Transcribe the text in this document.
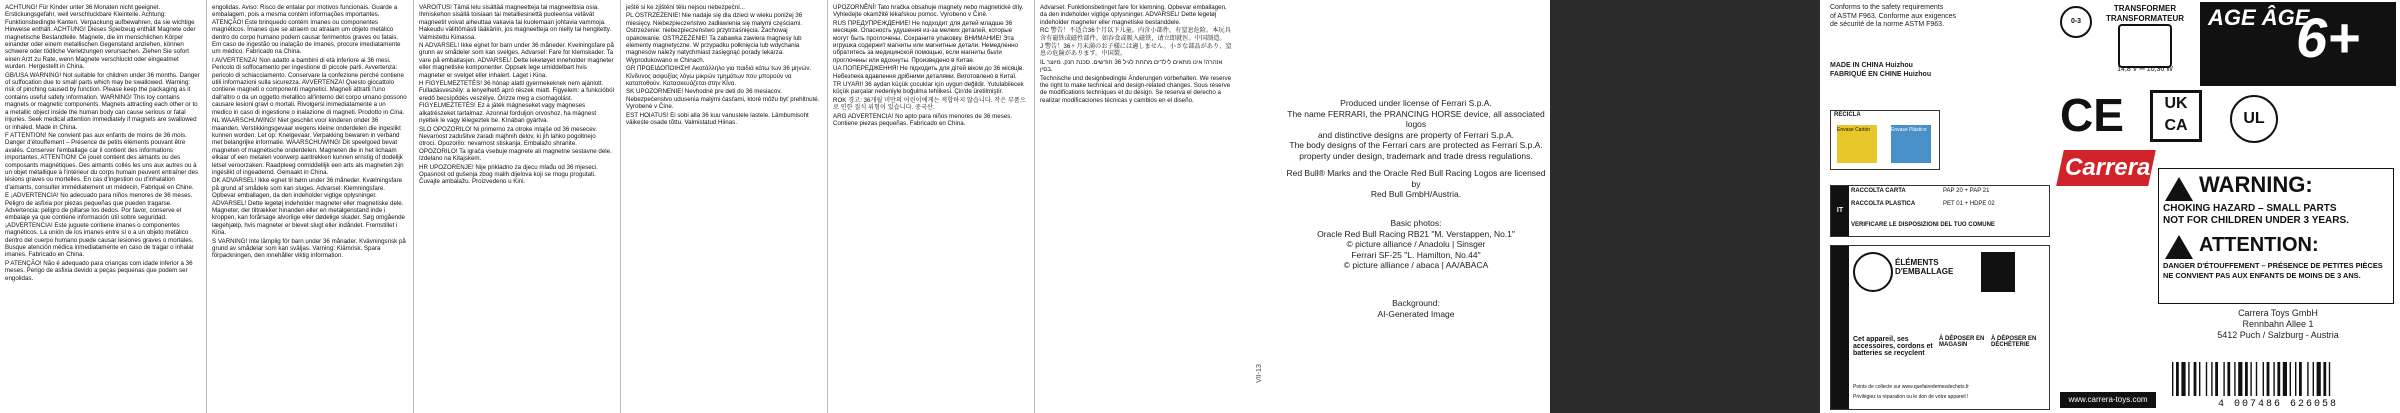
ACHTUNG! Für Kinder unter 36 Monaten nicht geeignet. Erstickungsgefahr, weil verschluckbare Kleinteile. Achtung: Funktionsbedingte Kanten. Verpackung aufbewahren, da sie wichtige Hinweise enthält. ACHTUNG! Dieses Spielzeug enthält Magnete oder magnetische Bestandteile. Magnete, die im menschlichen Körper einander oder einem metallischen Gegenstand anziehen, können schwere oder tödliche Verletzungen verursachen. Ziehen Sie sofort einen Arzt zu Rate, wenn Magnete verschluckt oder eingeatmet wurden. Hergestellt in China.

GB/USA WARNING! Not suitable for children under 36 months. Danger of suffocation due to small parts which may be swallowed. Warning: risk of pinching caused by function. Please keep the packaging as it contains useful safety information. WARNING! This toy contains magnets or magnetic components. Magnets attracting each other or to a metallic object inside the human body can cause serious or fatal injuries. Seek medical attention immediately if magnets are swallowed or inhaled. Made in China.

F ATTENTION! Ne convient pas aux enfants de moins de 36 mois. Danger d'étouffement – Présence de petits éléments pouvant être avalés. Conserver l'emballage car il contient des informations importantes. ATTENTION! Ce jouet contient des aimants ou des composants magnétiques. Des aimants collés les uns aux autres ou à un objet métallique à l'intérieur du corps humain peuvent entraîner des lésions graves ou mortelles. En cas d'ingestion ou d'inhalation d'aimants, consulter immédiatement un médecin. Fabriqué en Chine.

E ¡ADVERTENCIA! No adecuado para niños menores de 36 meses. Peligro de asfixia por piezas pequeñas que pueden tragarse. Advertencia: peligro de pillarse los dedos. Por favor, conserve el embalaje ya que contiene información útil sobre seguridad. ¡ADVERTENCIA! Este juguete contiene imanes o componentes magnéticos. La unión de los imanes entre sí o a un objeto metálico dentro del cuerpo humano puede causar lesiones graves o mortales. Busque atención médica inmediatamente en caso de tragar o inhalar imanes. Fabricado en China.

P ATENÇÃO! Não é adequado para crianças com idade inferior a 36 meses. Perigo de asfixia devido a peças pequenas que podem ser engolidas.

engolidas. Aviso: Risco de entalar por motivos funcionais. Guarde a embalagem, pois a mesma contém informações importantes. ATENÇÃO! Este brinquedo contém ímanes ou componentes magnéticos. Ímanes que se atraem ou atraiam um objeto metálico dentro do corpo humano podem causar ferimentos graves ou fatais. Em caso de ingestão ou inalação de ímanes, procure imediatamente um médico. Fabricado na China.

I AVVERTENZA! Non adatto a bambini di età inferiore ai 36 mesi. Pericolo di soffocamento per ingestione di piccole parti. Avvertenza: pericolo di schiacciamento. Conservare la confezione perché contiene utili informazioni sulla sicurezza. AVVERTENZA! Questo giocattolo contiene magneti o componenti magnetici. Magneti attratti l'uno dall'altro o da un oggetto metallico all'interno del corpo umano possono causare lesioni gravi o mortali. Rivolgersi immediatamente a un medico in caso di ingestione o inalazione di magneti. Prodotto in Cina.

NL WAARSCHUWING! Niet geschikt voor kinderen onder 36 maanden. Verstikkingsgevaar wegens kleine onderdelen die ingeslikt kunnen worden. Let op: Knelgevaar. Verpakking bewaren in verband met belangrijke informatie. WAARSCHUWING! Dit speelgoed bevat magneten of magnetische onderdelen. Magneten die in het lichaam elkaar of een metalen voorwerp aantrekken kunnen ernstig of dodelijk letsel veroorzaken. Raadpleeg onmiddellijk een arts als magneten zijn ingeslikt of ingeademd. Gemaakt in China.

DK ADVARSEL! Ikke egnet til børn under 36 måneder. Kvælningsfare på grund af smådele som kan sluges. Advarsel: Klemningsfare. Opbevar emballagen, da den indeholder vigtige oplysninger. ADVARSEL! Dette legetøj indeholder magneter eller magnetiske dele. Magneter, der tiltrækker hinanden eller en metalgenstand inde i kroppen, kan forårsage alvorlige eller dødelige skader. Søg omgående lægehjælp, hvis magneter er blevet slugt eller indåndet. Fremstillet i Kina.

S VARNING! Inte lämplig för barn under 36 månader. Kvävningsrisk på grund av smådelar som kan sväljas. Varning: Klämrisk. Spara förpackningen, den innehåller viktig information.

VAROITUS! Tämä lelu sisältää magneetteja tai magneettisia osia. Ihmiskehon sisällä toisiaan tai metalliesinettä puoleensa vetävät magneetit voivat aiheuttaa vakavia tai kuolemaan johtavia vammoja. Hakeudu välittömästi lääkäriin, jos magneetteja on nielty tai hengitetty. Valmistettu Kiinassa.

N ADVARSEL! Ikke egnet for barn under 36 måneder. Kvelningsfare på grunn av smådeler som kan svelges. Advarsel: Fare for klemskader. Ta vare på emballasjen. ADVARSEL! Dette leketøyet inneholder magneter eller magnetiske komponenter. Oppsøk lege umiddelbart hvis magneter er svelget eller inhalert. Laget i Kina.

H FIGYELMEZTETÉS! 36 hónap alatti gyermekeknek nem ajánlott. Fulladásveszély: a lenyelhető apró részek miatt. Figyelem: a funkcióból eredő becsípődés veszélye. Őrizze meg a csomagolást. FIGYELMEZTETÉS! Ez a játék mágneseket vagy mágneses alkatrészeket tartalmaz. Azonnal forduljon orvoshoz, ha mágnest nyeltek le vagy lélegeztek be. Kínában gyártva.

SLO OPOZORILO! Ni primerno za otroke mlajše od 36 mesecev. Nevarnost zadušitve zaradi majhnih delov, ki jih lahko pogoltnejo otroci. Opozorilo: nevarnost stiskanja. Embalažo shranite. OPOZORILO! Ta igrača vsebuje magnete ali magnetne sestavne dele. Izdelano na Kitajskem.

HR UPOZORENJE! Nije prikladno za djecu mlađu od 36 mjeseci. Opasnost od gušenja zbog malih dijelova koji se mogu progutati. Čuvajte ambalažu. Proizvedeno u Kini.

ještě si ke zjištění tělu nejsou nebezpeční...

PL OSTRZEŻENIE! Nie nadaje się dla dzieci w wieku poniżej 36 miesięcy. Niebezpieczeństwo zadławienia się małymi częściami. Ostrzeżenie: niebezpieczeństwo przytrzaśnięcia. Zachowaj opakowanie. OSTRZEŻENIE! Ta zabawka zawiera magnesy lub elementy magnetyczne. W przypadku połknięcia lub wdychania magnesów należy natychmiast zasięgnąć porady lekarza. Wyprodukowano w Chinach.

GR ΠΡΟΕΙΔΟΠΟΙΗΣΗ! Ακατάλληλο για παιδιά κάτω των 36 μηνών. Κίνδυνος ασφυξίας λόγω μικρών τμημάτων που μπορούν να καταποθούν. Κατασκευάζεται στην Κίνα.

SK UPOZORNENIE! Nevhodné pre deti do 36 mesiacov. Nebezpečenstvo udusenia malými časťami, ktoré môžu byť prehltnuté. Vyrobené v Číne.

EST HOIATUS! Ei sobi alla 36 kuu vanustele lastele. Lämbumisoht väikeste osade tõttu. Valmistatud Hiinas.

UPOZORNĚNÍ! Tato hračka obsahuje magnety nebo magnetické díly. Vyhledejte okamžitě lékařskou pomoc. Vyrobeno v Číně.

RUS ПРЕДУПРЕЖДЕНИЕ! Не подходит для детей младше 36 месяцев. Опасность удушения из-за мелких деталей, которые могут быть проглочены. Сохраните упаковку. ВНИМАНИЕ! Эта игрушка содержит магниты или магнитные детали. Немедленно обратитесь за медицинской помощью, если магниты были проглочены или вдохнуты. Произведено в Китае.

UA ПОПЕРЕДЖЕННЯ! Не підходить для дітей віком до 36 місяців. Небезпека вдавлення дрібними деталями. Виготовлено в Китаї.

TR UYARI! 36 aydan küçük çocuklar için uygun değildir. Yutulabilecek küçük parçalar nedeniyle boğulma tehlikesi. Çin'de üretilmiştir.

ROK 경고: 36개월 미만의 어린이에게는 적합하지 않습니다. 작은 부품으로 인한 질식 위험이 있습니다. 중국산.

ARG ADVERTENCIA! No apto para niños menores de 36 meses. Contiene piezas pequeñas. Fabricado en China.

Advarsel: Funktionsbetinget fare for klemning. Opbevar emballagen, da den indeholder vigtige oplysninger. ADVARSEL! Dette legetøj indeholder magneter eller magnetiske bestanddele.

RC 警告！不适合36个月以下儿童。内含小部件，有窒息危险。本玩具含有磁铁或磁性部件。如吞食或吸入磁铁，请立即就医。中国制造。

J 警告！36ヶ月未満のお子様には適しません。小さな部品があり、窒息の危険があります。中国製。

IL אזהרה! אינו מתאים לילדים מתחת לגיל 36 חודשים. סכנת חנק. מיוצר בסין.

Technische und designbedingte Änderungen vorbehalten. We reserve the right to make technical and design-related changes. Sous réserve de modifications techniques et du design. Se reserva el derecho a realizar modificaciones técnicas y cambios en el diseño.

VII-13
Conforms to the safety requirements
of ASTM F963. Conforme aux exigences
de sécurité de la norme ASTM F963.
MADE IN CHINA Huizhou
FABRIQUÉ EN CHINE Huizhou
RECICLA
Envase Cartón	Envase Plástico
IT
RACCOLTA CARTA	PAP 20 + PAP 21
RACCOLTA PLASTICA	PET 01 + HDPE 02
VERIFICARE LE DISPOSIZIONI DEL TUO COMUNE
ÉLÉMENTS D'EMBALLAGE
Cet appareil, ses accessoires, cordons et batteries se recyclent
À DÉPOSER EN MAGASIN
À DÉPOSER EN DÉCHÈTERIE
Points de collecte sur www.quefairedemesdechets.fr
Privilégiez la réparation ou le don de votre appareil !
0-3
TRANSFORMER TRANSFORMATEUR
14,8 V ⎓ 10,36 W
AGE ÂGE
6+
CE	UK CA	UL
Carrera
WARNING:
CHOKING HAZARD – SMALL PARTS
NOT FOR CHILDREN UNDER 3 YEARS.
ATTENTION:
DANGER D'ÉTOUFFEMENT – PRÉSENCE DE PETITES PIÈCES
NE CONVIENT PAS AUX ENFANTS DE MOINS DE 3 ANS.
Carrera Toys GmbH
Rennbahn Allee 1
5412 Puch / Salzburg - Austria
www.carrera-toys.com	4 007486 626058
Produced under license of Ferrari S.p.A.
The name FERRARI, the PRANCING HORSE device, all associated logos
and distinctive designs are property of Ferrari S.p.A.
The body designs of the Ferrari cars are protected as Ferrari S.p.A.
property under design, trademark and trade dress regulations.
Red Bull® Marks and the Oracle Red Bull Racing Logos are licensed by
Red Bull GmbH/Austria.
Basic photos:
Oracle Red Bull Racing RB21 "M. Verstappen, No.1"
© picture alliance / Anadolu | Sinsger
Ferrari SF-25 "L. Hamilton, No.44"
© picture alliance / abaca | AA/ABACA
Background:
AI-Generated Image
